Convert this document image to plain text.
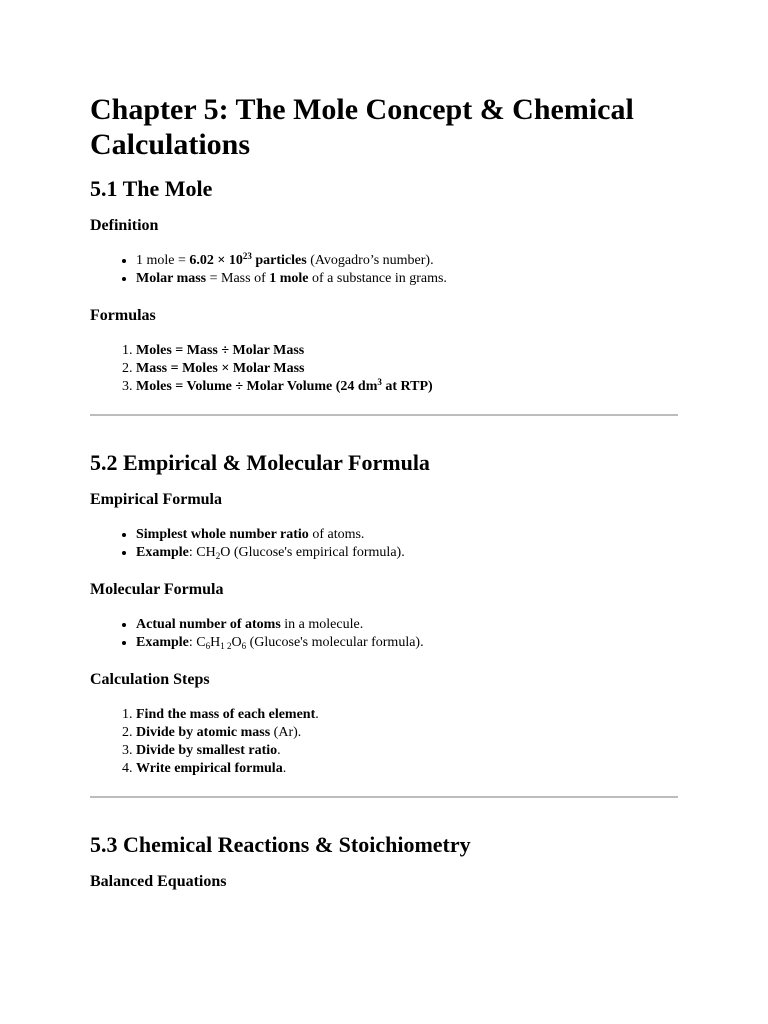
Chapter 5: The Mole Concept & Chemical Calculations
5.1 The Mole
Definition
• 1 mole = $6.02 \times 10^{23}$ particles (Avogadro’s number).
• Molar mass = Mass of 1 mole of a substance in grams.
Formulas
1. Moles = Mass ÷ Molar Mass
2. Mass = Moles × Molar Mass
3. Moles = Volume ÷ Molar Volume (24 $dm^3$ at RTP)
5.2 Empirical & Molecular Formula
Empirical Formula
• Simplest whole number ratio of atoms.
• Example: $CH_2O$ (Glucose's empirical formula).
Molecular Formula
• Actual number of atoms in a molecule.
• Example: $C_6H_{1 2}O_6$ (Glucose's molecular formula).
Calculation Steps
1. Find the mass of each element.
2. Divide by atomic mass (Ar).
3. Divide by smallest ratio.
4. Write empirical formula.
5.3 Chemical Reactions & Stoichiometry
Balanced Equations
